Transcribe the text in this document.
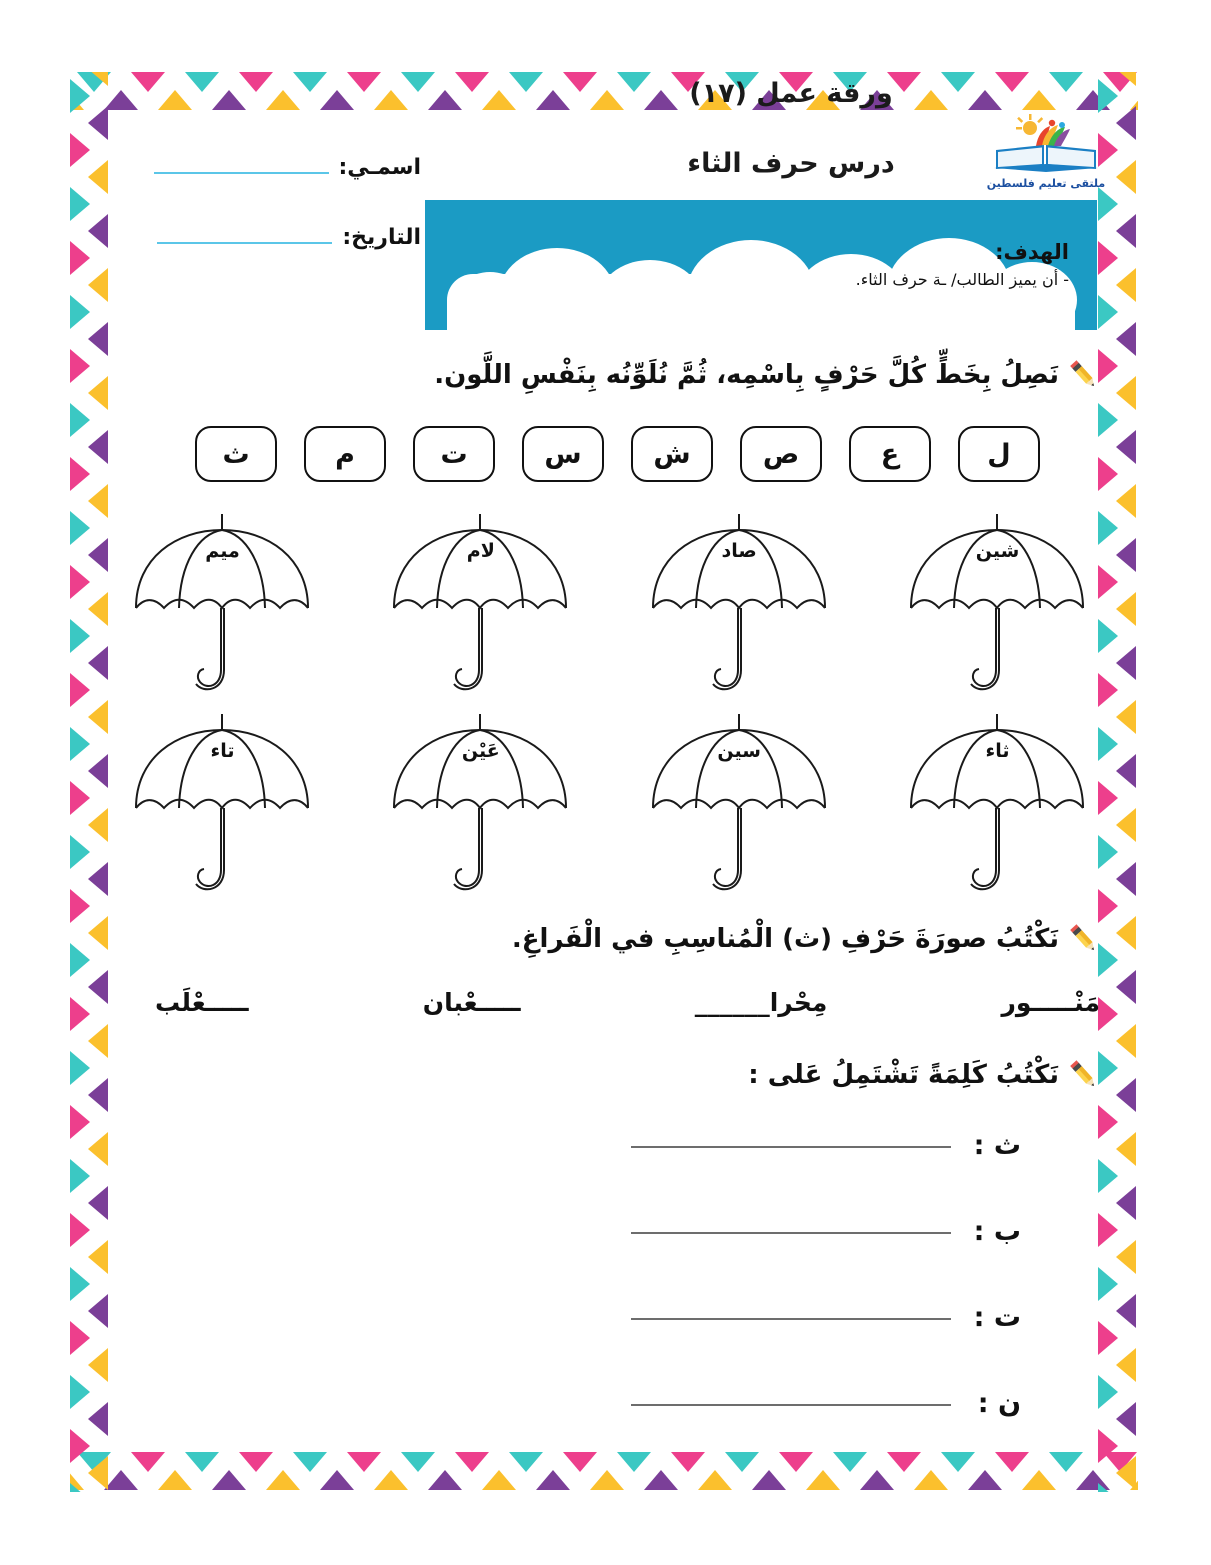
ورقة عمل (١٧)
درس حرف الثاء
ملتقى تعليم فلسطين
اسمـي:
التاريخ:
الهدف:
- أن يميز الطالب/ ـة حرف الثاء.
نَصِلُ بِخَطٍّ كُلَّ حَرْفٍ بِاسْمِه، ثُمَّ نُلَوِّنُه بِنَفْسِ اللَّون.
ث	م	ت	س	ش	ص	ع	ل
شين
صاد
لام
ميم
ثاء
سين
عَيْن
تاء
نَكْتُبُ صورَةَ حَرْفِ (ث) الْمُناسِبِ في الْفَراغِ.
مَنْـــــور
مِحْرا______
ـــــعْبان
ـــــعْلَب
نَكْتُبُ كَلِمَةً تَشْتَمِلُ عَلى :
ث :
ب :
ت :
ن :
